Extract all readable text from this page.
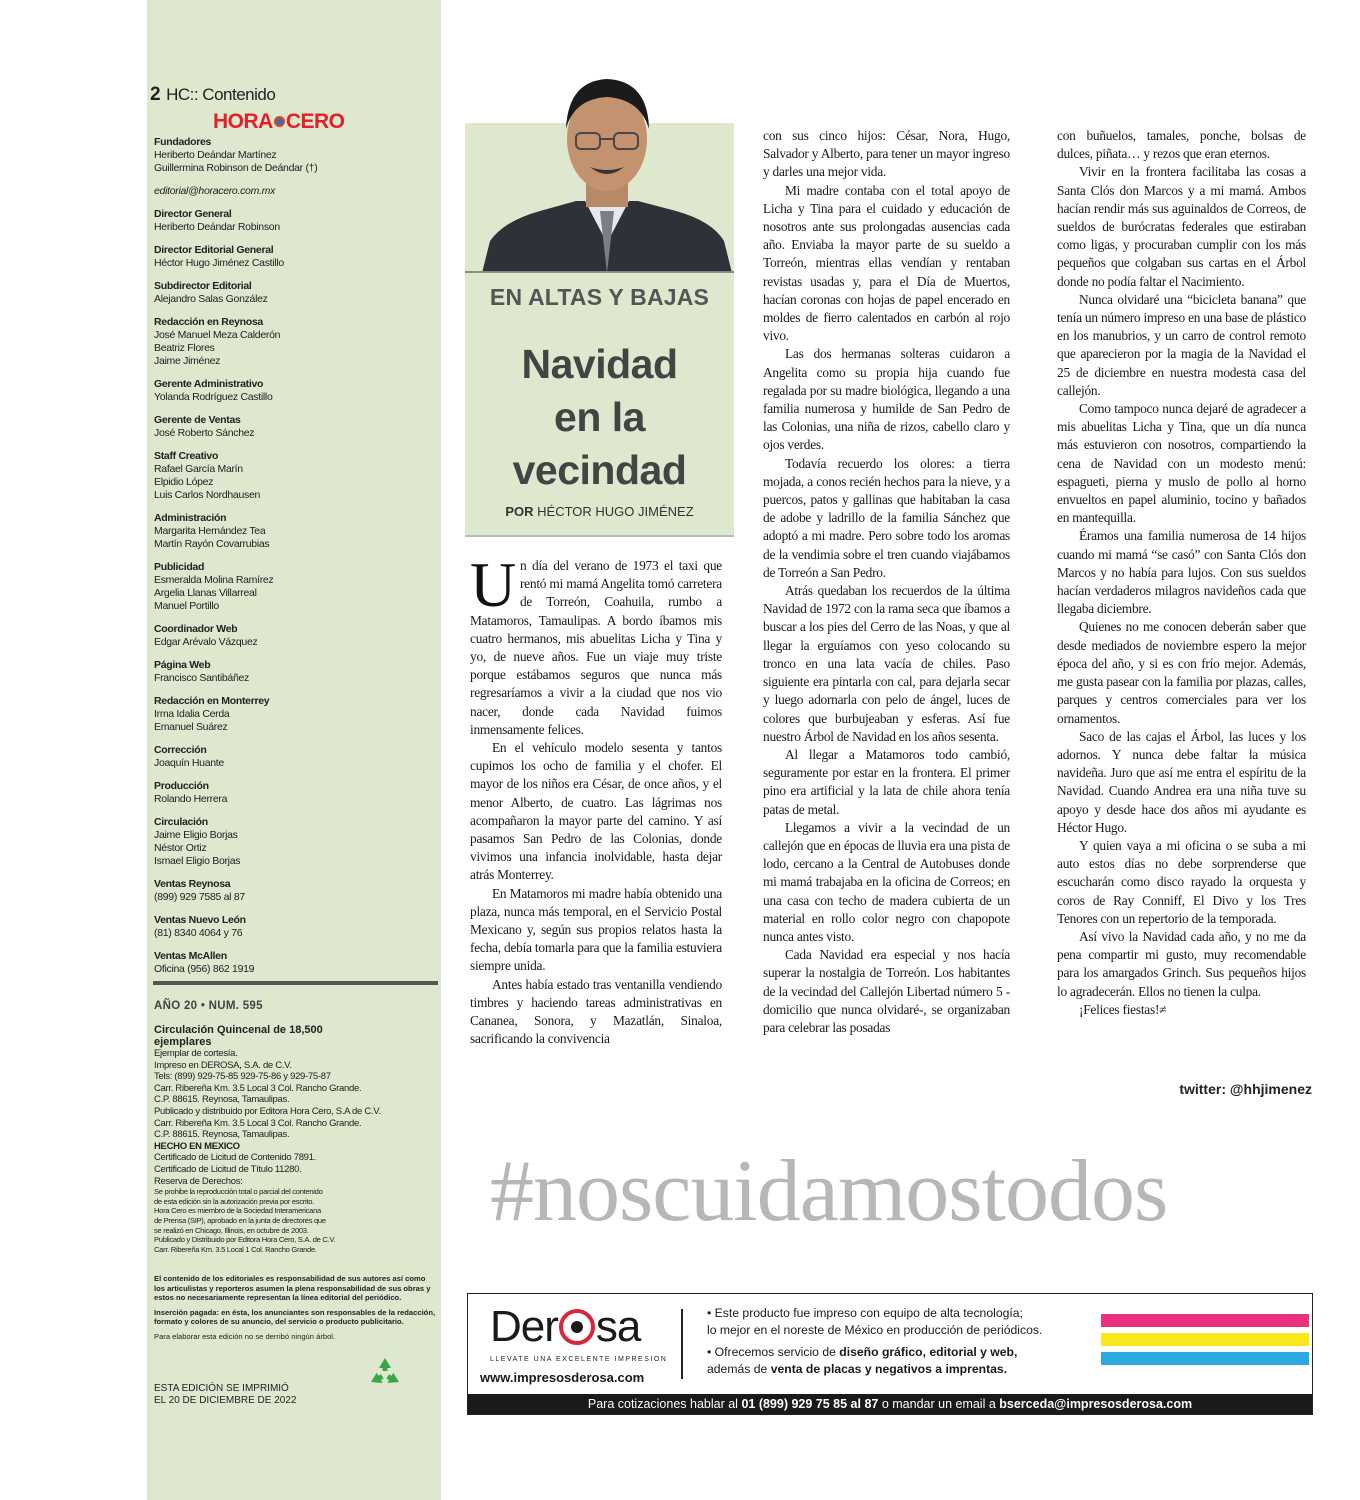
2 HC:: Contenido
HORA CERO
Fundadores
Heriberto Deándar Martínez
Guillermina Robinson de Deándar (†)
editorial@horacero.com.mx
Director General
Heriberto Deándar Robinson
Director Editorial General
Héctor Hugo Jiménez Castillo
Subdirector Editorial
Alejandro Salas González
Redacción en Reynosa
José Manuel Meza Calderón
Beatriz Flores
Jaime Jiménez
Gerente Administrativo
Yolanda Rodríguez Castillo
Gerente de Ventas
José Roberto Sánchez
Staff Creativo
Rafael García Marín
Elpidio López
Luis Carlos Nordhausen
Administración
Margarita Hernández Tea
Martín Rayón Covarrubias
Publicidad
Esmeralda Molina Ramírez
Argelia Llanas Villarreal
Manuel Portillo
Coordinador Web
Edgar Arévalo Vázquez
Página Web
Francisco Santibáñez
Redacción en Monterrey
Irma Idalia Cerda
Emanuel Suárez
Corrección
Joaquín Huante
Producción
Rolando Herrera
Circulación
Jaime Eligio Borjas
Néstor Ortiz
Ismael Eligio Borjas
Ventas Reynosa
(899) 929 7585 al 87
Ventas Nuevo León
(81) 8340 4064 y 76
Ventas McAllen
Oficina (956) 862 1919
AÑO 20 • NUM. 595
Circulación Quincenal de 18,500 ejemplares
Ejemplar de cortesía.
Impreso en DEROSA, S.A. de C.V.
Tels: (899) 929-75-85 929-75-86 y 929-75-87
Carr. Ribereña Km. 3.5 Local 3 Col. Rancho Grande.
C.P. 88615. Reynosa, Tamaulipas.
Publicado y distribuido por Editora Hora Cero, S.A de C.V.
Carr. Ribereña Km. 3.5 Local 3 Col. Rancho Grande.
C.P. 88615. Reynosa, Tamaulipas.
HECHO EN MEXICO
Certificado de Licitud de Contenido 7891.
Certificado de Licitud de Título 11280.
Reserva de Derechos:
Se prohibe la reproducción total o parcial del contenido
de esta edición sin la autorización previa por escrito.
Hora Cero es miembro de la Sociedad Interamericana
de Prensa (SIP), aprobado en la junta de directores que
se realizó en Chicago, Illinois, en octubre de 2003.
Publicado y Distribuido por Editora Hora Cero, S.A. de C.V.
Carr. Ribereña Km. 3.5 Local 1 Col. Rancho Grande.
El contenido de los editoriales es responsabilidad de sus autores así como los articulistas y reporteros asumen la plena responsabilidad de sus obras y estos no necesariamente representan la línea editorial del periódico.
Inserción pagada: en ésta, los anunciantes son responsables de la redacción, formato y colores de su anuncio, del servicio o producto publicitario.
Para elaborar esta edición no se derribó ningún árbol.
ESTA EDICIÓN SE IMPRIMIÓ
EL 20 DE DICIEMBRE DE 2022
EN ALTAS Y BAJAS
Navidad
en la
vecindad
POR HÉCTOR HUGO JIMÉNEZ

Un día del verano de 1973 el taxi que rentó mi mamá Angelita tomó carretera de Torreón, Coahuila, rumbo a Matamoros, Tamaulipas. A bordo íbamos mis cuatro hermanos, mis abuelitas Licha y Tina y yo, de nueve años. Fue un viaje muy triste porque estábamos seguros que nunca más regresaríamos a vivir a la ciudad que nos vio nacer, donde cada Navidad fuimos inmensamente felices.

En el vehículo modelo sesenta y tantos cupimos los ocho de familia y el chofer. El mayor de los niños era César, de once años, y el menor Alberto, de cuatro. Las lágrimas nos acompañaron la mayor parte del camino. Y así pasamos San Pedro de las Colonias, donde vivimos una infancia inolvidable, hasta dejar atrás Monterrey.

En Matamoros mi madre había obtenido una plaza, nunca más temporal, en el Servicio Postal Mexicano y, según sus propios relatos hasta la fecha, debía tomarla para que la familia estuviera siempre unida.

Antes había estado tras ventanilla vendiendo timbres y haciendo tareas administrativas en Cananea, Sonora, y Mazatlán, Sinaloa, sacrificando la convivencia

con sus cinco hijos: César, Nora, Hugo, Salvador y Alberto, para tener un mayor ingreso y darles una mejor vida.

Mi madre contaba con el total apoyo de Licha y Tina para el cuidado y educación de nosotros ante sus prolongadas ausencias cada año. Enviaba la mayor parte de su sueldo a Torreón, mientras ellas vendían y rentaban revistas usadas y, para el Día de Muertos, hacían coronas con hojas de papel encerado en moldes de fierro calentados en carbón al rojo vivo.

Las dos hermanas solteras cuidaron a Angelita como su propia hija cuando fue regalada por su madre biológica, llegando a una familia numerosa y humilde de San Pedro de las Colonias, una niña de rizos, cabello claro y ojos verdes.

Todavía recuerdo los olores: a tierra mojada, a conos recién hechos para la nieve, y a puercos, patos y gallinas que habitaban la casa de adobe y ladrillo de la familia Sánchez que adoptó a mi madre. Pero sobre todo los aromas de la vendimia sobre el tren cuando viajábamos de Torreón a San Pedro.

Atrás quedaban los recuerdos de la última Navidad de 1972 con la rama seca que íbamos a buscar a los pies del Cerro de las Noas, y que al llegar la erguíamos con yeso colocando su tronco en una lata vacía de chiles. Paso siguiente era pintarla con cal, para dejarla secar y luego adornarla con pelo de ángel, luces de colores que burbujeaban y esferas. Así fue nuestro Árbol de Navidad en los años sesenta.

Al llegar a Matamoros todo cambió, seguramente por estar en la frontera. El primer pino era artificial y la lata de chile ahora tenía patas de metal.

Llegamos a vivir a la vecindad de un callejón que en épocas de lluvia era una pista de lodo, cercano a la Central de Autobuses donde mi mamá trabajaba en la oficina de Correos; en una casa con techo de madera cubierta de un material en rollo color negro con chapopote nunca antes visto.

Cada Navidad era especial y nos hacía superar la nostalgia de Torreón. Los habitantes de la vecindad del Callejón Libertad número 5 -domicilio que nunca olvidaré-, se organizaban para celebrar las posadas

con buñuelos, tamales, ponche, bolsas de dulces, piñata… y rezos que eran eternos.

Vivir en la frontera facilitaba las cosas a Santa Clós don Marcos y a mi mamá. Ambos hacían rendir más sus aguinaldos de Correos, de sueldos de burócratas federales que estiraban como ligas, y procuraban cumplir con los más pequeños que colgaban sus cartas en el Árbol donde no podía faltar el Nacimiento.

Nunca olvidaré una “bicicleta banana” que tenía un número impreso en una base de plástico en los manubrios, y un carro de control remoto que aparecieron por la magia de la Navidad el 25 de diciembre en nuestra modesta casa del callejón.

Como tampoco nunca dejaré de agradecer a mis abuelitas Licha y Tina, que un día nunca más estuvieron con nosotros, compartiendo la cena de Navidad con un modesto menú: espagueti, pierna y muslo de pollo al horno envueltos en papel aluminio, tocino y bañados en mantequilla.

Éramos una familia numerosa de 14 hijos cuando mi mamá “se casó” con Santa Clós don Marcos y no había para lujos. Con sus sueldos hacían verdaderos milagros navideños cada que llegaba diciembre.

Quienes no me conocen deberán saber que desde mediados de noviembre espero la mejor época del año, y si es con frío mejor. Además, me gusta pasear con la familia por plazas, calles, parques y centros comerciales para ver los ornamentos.

Saco de las cajas el Árbol, las luces y los adornos. Y nunca debe faltar la música navideña. Juro que así me entra el espíritu de la Navidad. Cuando Andrea era una niña tuve su apoyo y desde hace dos años mi ayudante es Héctor Hugo.

Y quien vaya a mi oficina o se suba a mi auto estos días no debe sorprenderse que escucharán como disco rayado la orquesta y coros de Ray Conniff, El Divo y los Tres Tenores con un repertorio de la temporada.

Así vivo la Navidad cada año, y no me da pena compartir mi gusto, muy recomendable para los amargados Grinch. Sus pequeños hijos lo agradecerán. Ellos no tienen la culpa.

¡Felices fiestas!≠

twitter: @hhjimenez
#noscuidamostodos
Der sa
LLEVATE UNA EXCELENTE IMPRESION
www.impresosderosa.com
• Este producto fue impreso con equipo de alta tecnología;
lo mejor en el noreste de México en producción de periódicos.
• Ofrecemos servicio de diseño gráfico, editorial y web,
además de venta de placas y negativos a imprentas.
Para cotizaciones hablar al 01 (899) 929 75 85 al 87 o mandar un email a bserceda@impresosderosa.com
